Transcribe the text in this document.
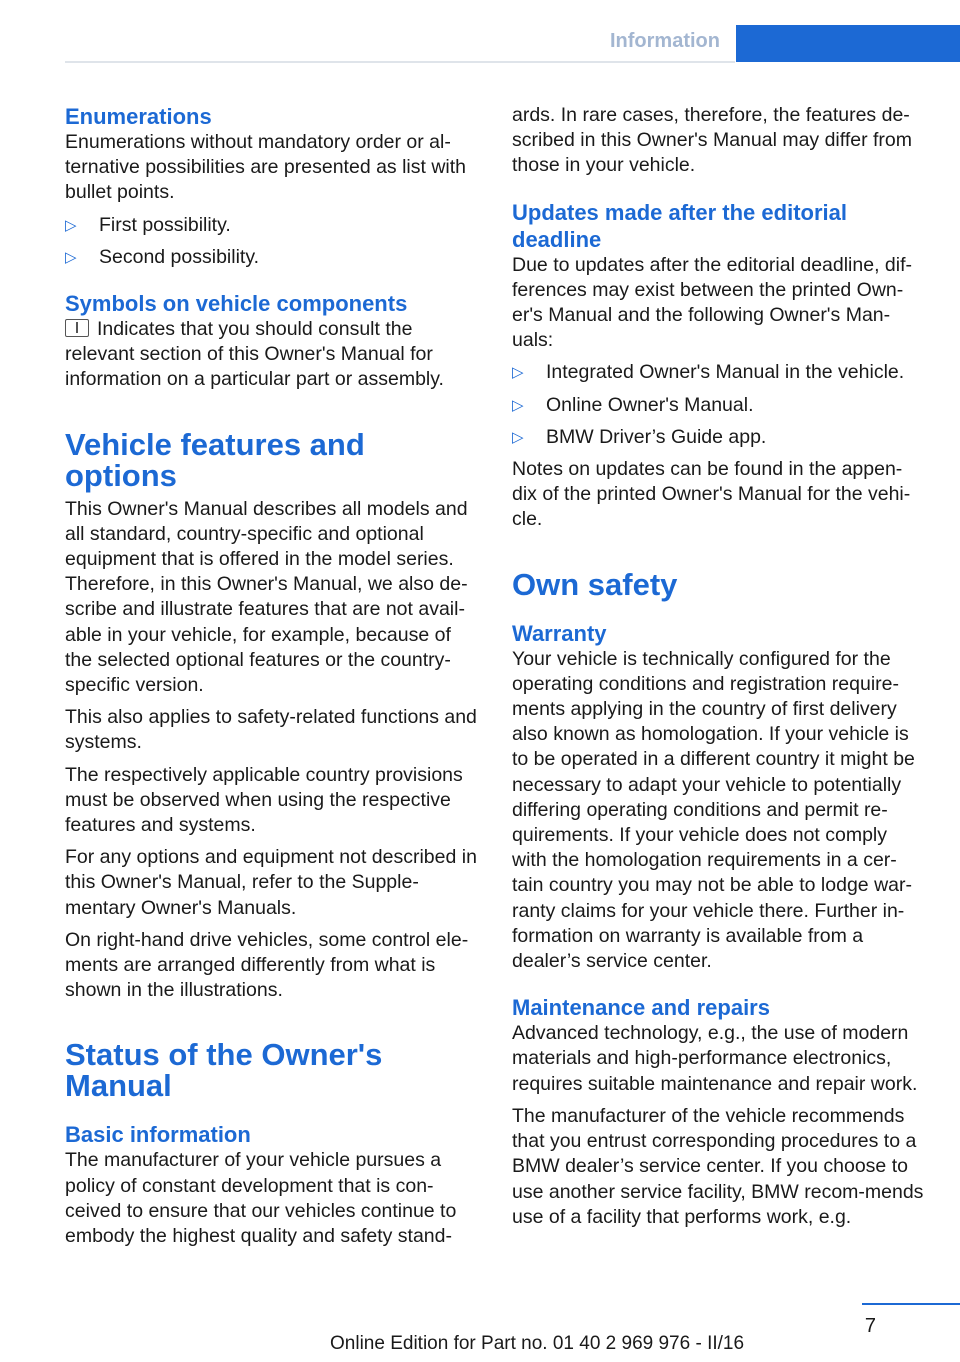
Information
Enumerations

Enumerations without mandatory order or al-ternative possibilities are presented as list with bullet points.

▷ First possibility.
▷ Second possibility.
Symbols on vehicle components

Indicates that you should consult the relevant section of this Owner's Manual for information on a particular part or assembly.

Vehicle features and options

This Owner's Manual describes all models and all standard, country-specific and optional equipment that is offered in the model series. Therefore, in this Owner's Manual, we also de-scribe and illustrate features that are not avail-able in your vehicle, for example, because of the selected optional features or the country-specific version.

This also applies to safety-related functions and systems.

The respectively applicable country provisions must be observed when using the respective features and systems.

For any options and equipment not described in this Owner's Manual, refer to the Supple-mentary Owner's Manuals.

On right-hand drive vehicles, some control ele-ments are arranged differently from what is shown in the illustrations.

Status of the Owner's Manual
Basic information

The manufacturer of your vehicle pursues a policy of constant development that is con-ceived to ensure that our vehicles continue to embody the highest quality and safety stand-

ards. In rare cases, therefore, the features de-scribed in this Owner's Manual may differ from those in your vehicle.

Updates made after the editorial deadline

Due to updates after the editorial deadline, dif-ferences may exist between the printed Own-er's Manual and the following Owner's Man-uals:

▷ Integrated Owner's Manual in the vehicle.
▷ Online Owner's Manual.
▷ BMW Driver’s Guide app.

Notes on updates can be found in the appen-dix of the printed Owner's Manual for the vehi-cle.

Own safety
Warranty

Your vehicle is technically configured for the operating conditions and registration require-ments applying in the country of first delivery also known as homologation. If your vehicle is to be operated in a different country it might be necessary to adapt your vehicle to potentially differing operating conditions and permit re-quirements. If your vehicle does not comply with the homologation requirements in a cer-tain country you may not be able to lodge war-ranty claims for your vehicle there. Further in-formation on warranty is available from a dealer’s service center.

Maintenance and repairs

Advanced technology, e.g., the use of modern materials and high-performance electronics, requires suitable maintenance and repair work.

The manufacturer of the vehicle recommends that you entrust corresponding procedures to a BMW dealer’s service center. If you choose to use another service facility, BMW recom-mends use of a facility that performs work, e.g.

7
Online Edition for Part no. 01 40 2 969 976 - II/16
